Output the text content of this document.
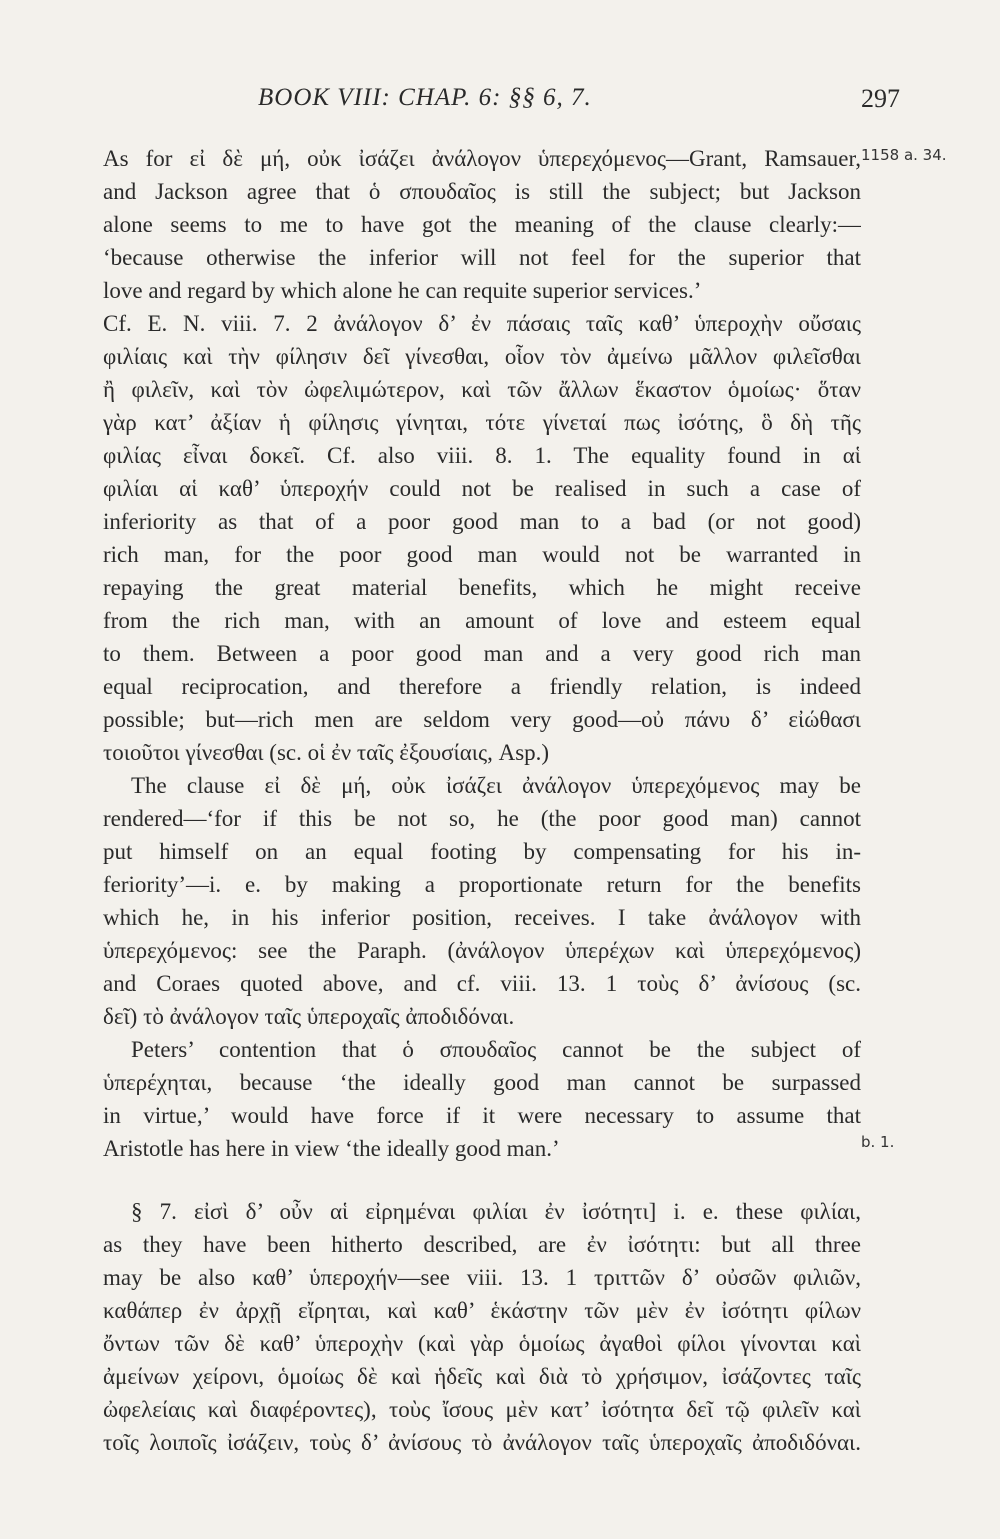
BOOK VIII: CHAP. 6: §§ 6, 7.	297
1158 a. 34.
b. 1.
As for εἰ δὲ μή, οὐκ ἰσάζει ἀνάλογον ὑπερεχόμενος—Grant, Ramsauer,
and Jackson agree that ὁ σπουδαῖος is still the subject; but Jackson
alone seems to me to have got the meaning of the clause clearly:—
‘because otherwise the inferior will not feel for the superior that
love and regard by which alone he can requite superior services.’
Cf. E. N. viii. 7. 2 ἀνάλογον δ’ ἐν πάσαις ταῖς καθ’ ὑπεροχὴν οὔσαις
φιλίαις καὶ τὴν φίλησιν δεῖ γίνεσθαι, οἷον τὸν ἀμείνω μᾶλλον φιλεῖσθαι
ἢ φιλεῖν, καὶ τὸν ὠφελιμώτερον, καὶ τῶν ἄλλων ἕκαστον ὁμοίως· ὅταν
γὰρ κατ’ ἀξίαν ἡ φίλησις γίνηται, τότε γίνεταί πως ἰσότης, ὃ δὴ τῆς
φιλίας εἶναι δοκεῖ. Cf. also viii. 8. 1. The equality found in αἱ
φιλίαι αἱ καθ’ ὑπεροχήν could not be realised in such a case of
inferiority as that of a poor good man to a bad (or not good)
rich man, for the poor good man would not be warranted in
repaying the great material benefits, which he might receive
from the rich man, with an amount of love and esteem equal
to them. Between a poor good man and a very good rich man
equal reciprocation, and therefore a friendly relation, is indeed
possible; but—rich men are seldom very good—οὐ πάνυ δ’ εἰώθασι
τοιοῦτοι γίνεσθαι (sc. οἱ ἐν ταῖς ἐξουσίαις, Asp.)
The clause εἰ δὲ μή, οὐκ ἰσάζει ἀνάλογον ὑπερεχόμενος may be
rendered—‘for if this be not so, he (the poor good man) cannot
put himself on an equal footing by compensating for his in-
feriority’—i. e. by making a proportionate return for the benefits
which he, in his inferior position, receives. I take ἀνάλογον with
ὑπερεχόμενος: see the Paraph. (ἀνάλογον ὑπερέχων καὶ ὑπερεχόμενος)
and Coraes quoted above, and cf. viii. 13. 1 τοὺς δ’ ἀνίσους (sc.
δεῖ) τὸ ἀνάλογον ταῖς ὑπεροχαῖς ἀποδιδόναι.
Peters’ contention that ὁ σπουδαῖος cannot be the subject of
ὑπερέχηται, because ‘the ideally good man cannot be surpassed
in virtue,’ would have force if it were necessary to assume that
Aristotle has here in view ‘the ideally good man.’
§ 7. εἰσὶ δ’ οὖν αἱ εἰρημέναι φιλίαι ἐν ἰσότητι] i. e. these φιλίαι,
as they have been hitherto described, are ἐν ἰσότητι: but all three
may be also καθ’ ὑπεροχήν—see viii. 13. 1 τριττῶν δ’ οὐσῶν φιλιῶν,
καθάπερ ἐν ἀρχῇ εἴρηται, καὶ καθ’ ἑκάστην τῶν μὲν ἐν ἰσότητι φίλων
ὄντων τῶν δὲ καθ’ ὑπεροχὴν (καὶ γὰρ ὁμοίως ἀγαθοὶ φίλοι γίνονται καὶ
ἀμείνων χείρονι, ὁμοίως δὲ καὶ ἡδεῖς καὶ διὰ τὸ χρήσιμον, ἰσάζοντες ταῖς
ὠφελείαις καὶ διαφέροντες), τοὺς ἴσους μὲν κατ’ ἰσότητα δεῖ τῷ φιλεῖν καὶ
τοῖς λοιποῖς ἰσάζειν, τοὺς δ’ ἀνίσους τὸ ἀνάλογον ταῖς ὑπεροχαῖς ἀποδιδόναι.
